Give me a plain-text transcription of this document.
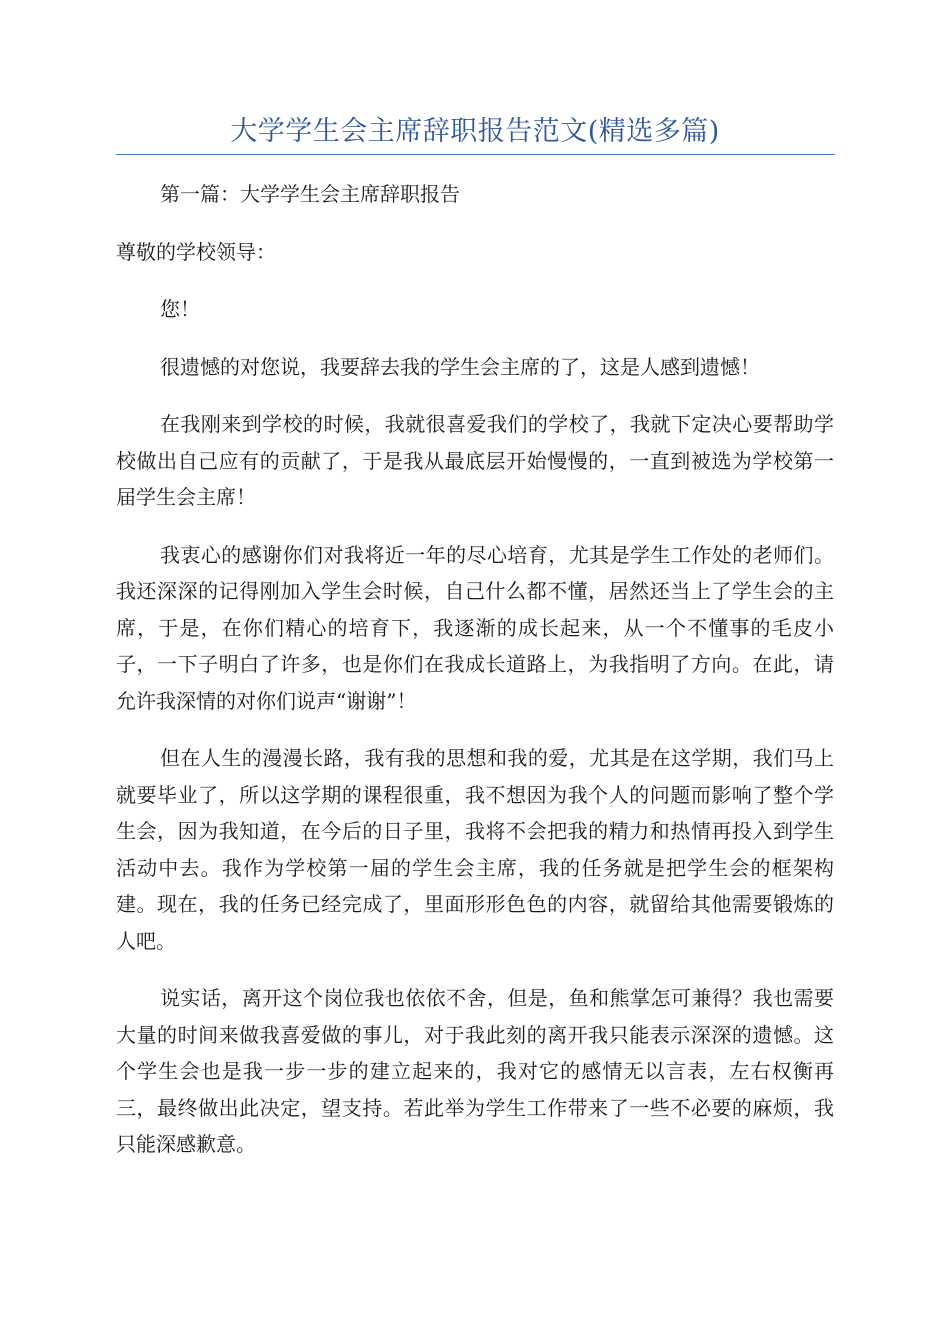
大学学生会主席辞职报告范文(精选多篇)

第一篇：大学学生会主席辞职报告

尊敬的学校领导：

您！

很遗憾的对您说，我要辞去我的学生会主席的了，这是人感到遗憾！

在我刚来到学校的时候，我就很喜爱我们的学校了，我就下定决心要帮助学校做出自己应有的贡献了，于是我从最底层开始慢慢的，一直到被选为学校第一届学生会主席！

我衷心的感谢你们对我将近一年的尽心培育，尤其是学生工作处的老师们。我还深深的记得刚加入学生会时候，自己什么都不懂，居然还当上了学生会的主席，于是，在你们精心的培育下，我逐渐的成长起来，从一个不懂事的毛皮小子，一下子明白了许多，也是你们在我成长道路上，为我指明了方向。在此，请允许我深情的对你们说声“谢谢”！

但在人生的漫漫长路，我有我的思想和我的爱，尤其是在这学期，我们马上就要毕业了，所以这学期的课程很重，我不想因为我个人的问题而影响了整个学生会，因为我知道，在今后的日子里，我将不会把我的精力和热情再投入到学生活动中去。我作为学校第一届的学生会主席，我的任务就是把学生会的框架构建。现在，我的任务已经完成了，里面形形色色的内容，就留给其他需要锻炼的人吧。

说实话，离开这个岗位我也依依不舍，但是，鱼和熊掌怎可兼得？我也需要大量的时间来做我喜爱做的事儿，对于我此刻的离开我只能表示深深的遗憾。这个学生会也是我一步一步的建立起来的，我对它的感情无以言表，左右权衡再三，最终做出此决定，望支持。若此举为学生工作带来了一些不必要的麻烦，我只能深感歉意。
